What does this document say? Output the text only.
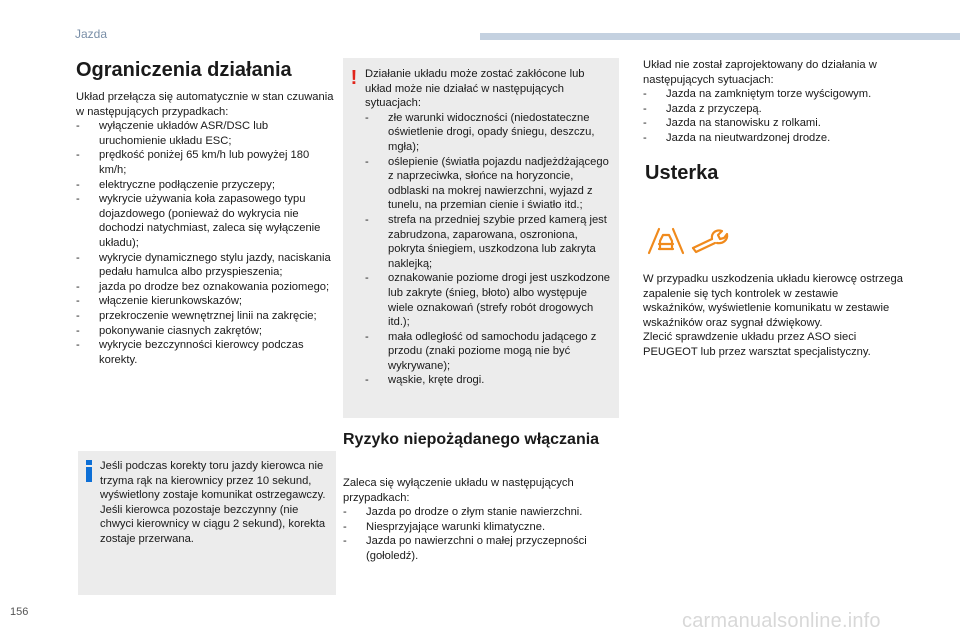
Jazda
Ograniczenia działania

Układ przełącza się automatycznie w stan czuwania w następujących przypadkach:

- wyłączenie układów ASR/DSC lub uruchomienie układu ESC;
- prędkość poniżej 65 km/h lub powyżej 180 km/h;
- elektryczne podłączenie przyczepy;
- wykrycie używania koła zapasowego typu dojazdowego (ponieważ do wykrycia nie dochodzi natychmiast, zaleca się wyłączenie układu);
- wykrycie dynamicznego stylu jazdy, naciskania pedału hamulca albo przyspieszenia;
- jazda po drodze bez oznakowania poziomego;
- włączenie kierunkowskazów;
- przekroczenie wewnętrznej linii na zakręcie;
- pokonywanie ciasnych zakrętów;
- wykrycie bezczynności kierowcy podczas korekty.

Jeśli podczas korekty toru jazdy kierowca nie trzyma rąk na kierownicy przez 10 sekund, wyświetlony zostaje komunikat ostrzegawczy.

Jeśli kierowca pozostaje bezczynny (nie chwyci kierownicy w ciągu 2 sekund), korekta zostaje przerwana.

! Działanie układu może zostać zakłócone lub układ może nie działać w następujących sytuacjach:

- złe warunki widoczności (niedostateczne oświetlenie drogi, opady śniegu, deszczu, mgła);
- oślepienie (światła pojazdu nadjeżdżającego z naprzeciwka, słońce na horyzoncie, odblaski na mokrej nawierzchni, wyjazd z tunelu, na przemian cienie i światło itd.;
- strefa na przedniej szybie przed kamerą jest zabrudzona, zaparowana, oszroniona, pokryta śniegiem, uszkodzona lub zakryta naklejką;
- oznakowanie poziome drogi jest uszkodzone lub zakryte (śnieg, błoto) albo występuje wiele oznakowań (strefy robót drogowych itd.);
- mała odległość od samochodu jadącego z przodu (znaki poziome mogą nie być wykrywane);
- wąskie, kręte drogi.
Ryzyko niepożądanego włączania

Zaleca się wyłączenie układu w następujących przypadkach:

- Jazda po drodze o złym stanie nawierzchni.
- Niesprzyjające warunki klimatyczne.
- Jazda po nawierzchni o małej przyczepności (gołoledź).

Układ nie został zaprojektowany do działania w następujących sytuacjach:

- Jazda na zamkniętym torze wyścigowym.
- Jazda z przyczepą.
- Jazda na stanowisku z rolkami.
- Jazda na nieutwardzonej drodze.
Usterka

W przypadku uszkodzenia układu kierowcę ostrzega zapalenie się tych kontrolek w zestawie wskaźników, wyświetlenie komunikatu w zestawie wskaźników oraz sygnał dźwiękowy.

Zlecić sprawdzenie układu przez ASO sieci PEUGEOT lub przez warsztat specjalistyczny.

156	carmanualsonline.info
